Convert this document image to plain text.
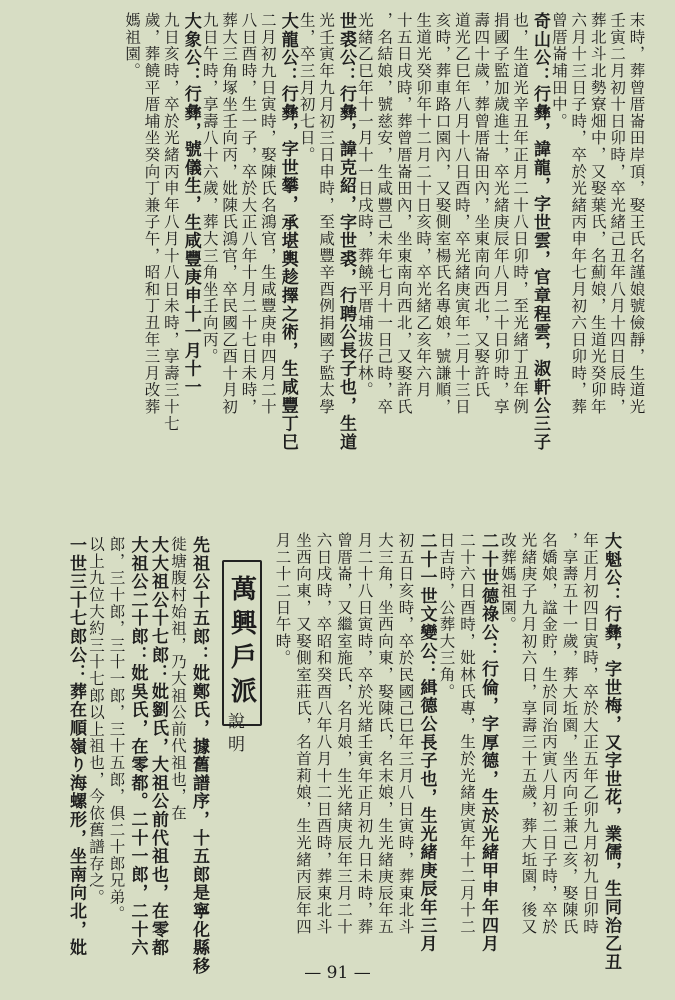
末時，葬曾厝崙田岸頂，娶王氏名謹娘號儉靜，生道光
壬寅二月初十日卯時，卒光緒己丑年八月十四日辰時，
葬北斗北勢寮畑中，又娶葉氏，名薊娘，生道光癸卯年
六月十三日子時，卒於光緒丙申年七月初六日卯時，葬
曾厝崙埔田中。
奇山公：行彝，諱龍，字世雲，官章程雲，淑軒公三子
也，生道光辛丑年正月二十八日卯時，至光緒丁丑年例
捐國子監加歲進士，卒光緒庚辰年八月二十日卯時，享
壽四十歲，葬曾厝崙田內，坐東南向西北，又娶許氏
道光乙巳年八月十八日酉時，卒光緒庚寅年二月十三日
亥時，葬車路口園內，又娶側室楊氏名專娘，號謙順，
生道光癸卯年十二月二十日亥時，卒光緒乙亥年六月
十五日戌時，葬曾厝崙田內，坐東南向西北，又娶許氏
，名結娘，號慈安，生咸豐己未年七月十一日己時，卒
光緒乙巳年十一月十一日戌時，葬饒平厝埔拔仔林。
世裘公：行彝，諱克紹，字世裘，行聘公長子也，生道
光壬寅年九月初三日申時，至咸豐辛酉例捐國子監太學
生，卒三月初七日。
大龍公：行彝，字世攀，承堪輿趁擇之術，生咸豐丁巳
二月初九日寅時，娶陳氏名鴻官，生咸豐庚申四月二十
八日酉時，生一子，卒於大正八年十月二十七日未時，
葬大三角塚坐壬向丙，妣陳氏鴻官，卒民國乙酉十月初
九日午時，享壽八十六歲，葬大三角坐壬向丙。
大象公：行彝，號儀生，生咸豐庚申十一月十一
九日亥時，卒於光緒丙申年八月十八日未時，享壽三十七
歲，葬饒平厝埔坐癸向丁兼子午，昭和丁丑年三月改葬
媽祖園。
大魁公：行彝，字世梅，又字世花，業儒，生同治乙丑
年正月初四日寅時，卒於大正五年乙卯九月初九日卯時
，享壽五十一歲，葬大坵園，坐丙向壬兼己亥，娶陳氏
名嬌娘，諡金貯，生於同治丙寅八月初二日子時，卒於
光緒庚子九月初六日，享壽三十五歲，葬大坵園，後又
改葬媽祖園。
二十世德祿公：行倫，字厚德，生於光緒甲申年四月
二十六日酉時，妣林氏專，生於光緒庚寅年十二月十二
日吉時，公葬大三角。
二十一世文變公：緝德公長子也，生光緒庚辰年三月
初五日亥時，卒於民國己巳年三月八日寅時，葬東北斗
大三角，坐西向東，娶陳氏，名末娘，生光緒庚辰年五
月二十八日寅時，卒於光緒壬寅年正月初九日未時，葬
曾厝崙，又繼室施氏，名月娘，生光緒庚辰年三月二十
六日戌時，卒昭和癸酉八年八月十二日酉時，葬東北斗
坐西向東，又娶側室莊氏，名首莉娘，生光緒丙辰年四
月二十二日午時。
萬興戶派
說明
先祖公十五郎：妣鄭氏，據舊譜序，十五郎是寧化縣移
徙塘腹村始祖，乃大祖公前代祖也，在
大大祖公十七郎：妣劉氏，大祖公前代祖也，在零都
大祖公二十郎：妣吳氏，在零都。二十一郎，二十六
郎，三十郎，三十一郎，三十五郎，俱二十郎兄弟。
以上九位大約三十七郎以上祖也，今依舊譜存之。
一世三十七郎公：葬在順嶺り海螺形，坐南向北，妣
— 91 —
